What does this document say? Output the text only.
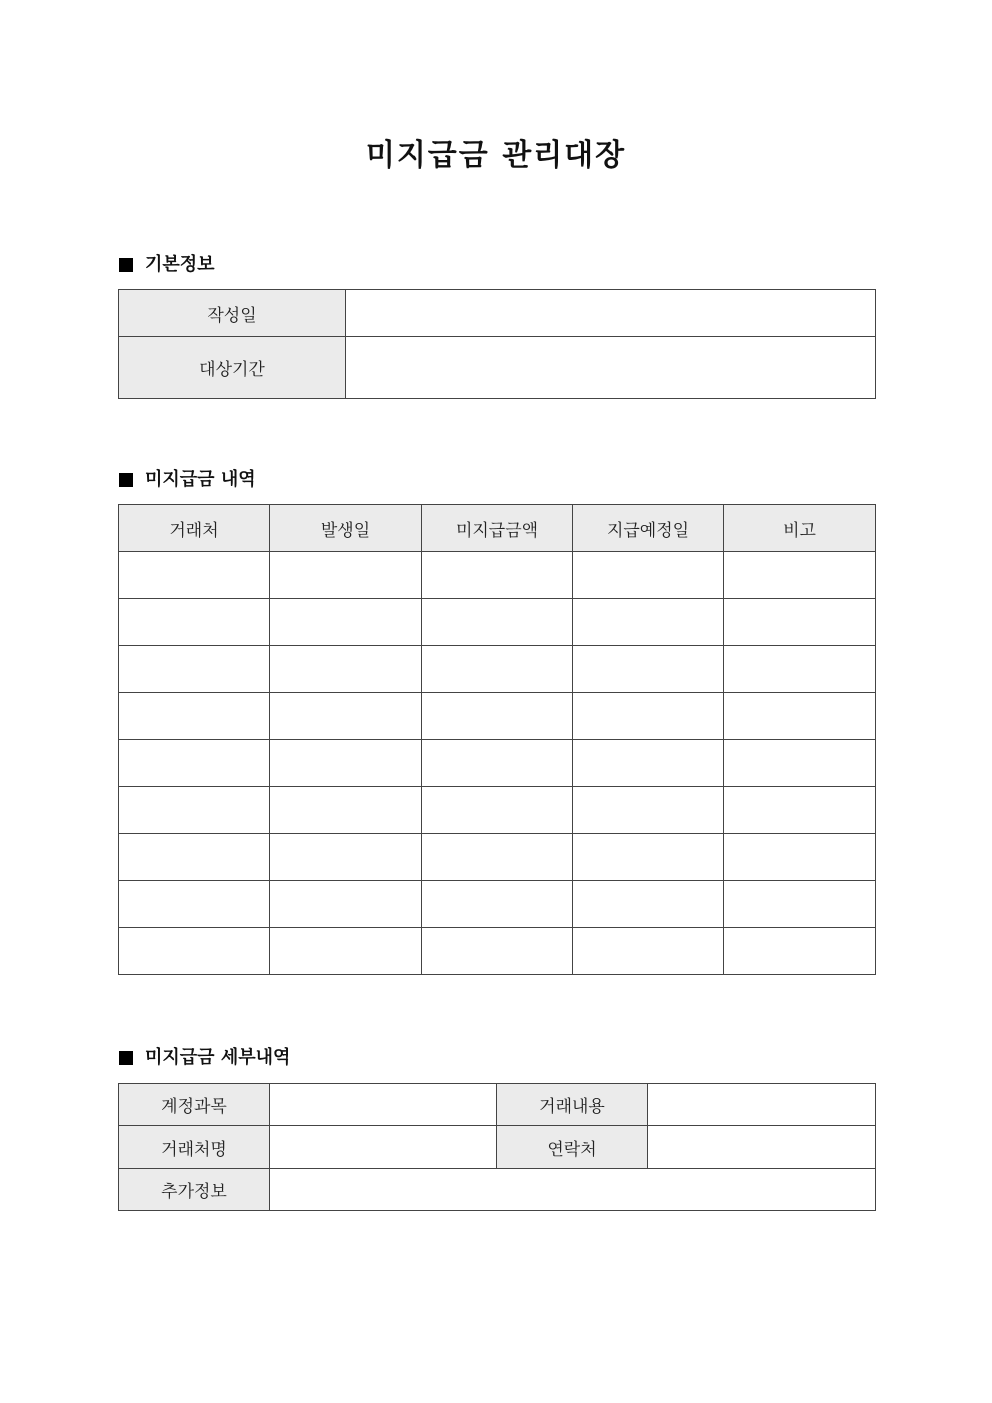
미지급금 관리대장
기본정보
작성일	
대상기간	
미지급금 내역
거래처	발생일	미지급금액	지급예정일	비고

미지급금 세부내역
계정과목		거래내용	
거래처명		연락처	
추가정보			
